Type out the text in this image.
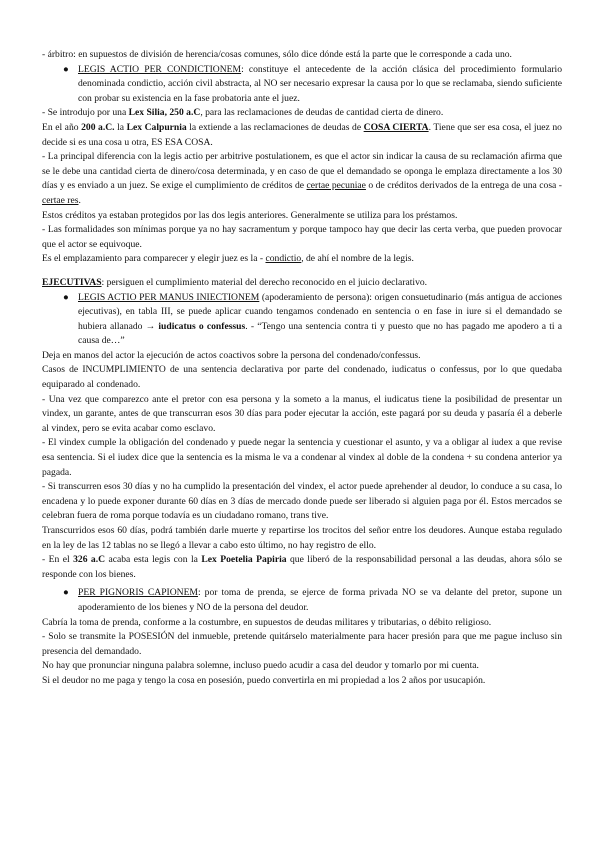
- árbitro: en supuestos de división de herencia/cosas comunes, sólo dice dónde está la parte que le corresponde a cada uno.

● LEGIS ACTIO PER CONDICTIONEM: constituye el antecedente de la acción clásica del procedimiento formulario denominada condictio, acción civil abstracta, al NO ser necesario expresar la causa por lo que se reclamaba, siendo suficiente con probar su existencia en la fase probatoria ante el juez.

- Se introdujo por una Lex Silia, 250 a.C, para las reclamaciones de deudas de cantidad cierta de dinero.

En el año 200 a.C. la Lex Calpurnia la extiende a las reclamaciones de deudas de COSA CIERTA. Tiene que ser esa cosa, el juez no decide si es una cosa u otra, ES ESA COSA.

- La principal diferencia con la legis actio per arbitrive postulationem, es que el actor sin indicar la causa de su reclamación afirma que se le debe una cantidad cierta de dinero/cosa determinada, y en caso de que el demandado se oponga le emplaza directamente a los 30 días y es enviado a un juez. Se exige el cumplimiento de créditos de certae pecuniae o de créditos derivados de la entrega de una cosa - certae res.

Estos créditos ya estaban protegidos por las dos legis anteriores. Generalmente se utiliza para los préstamos.

- Las formalidades son mínimas porque ya no hay sacramentum y porque tampoco hay que decir las certa verba, que pueden provocar que el actor se equivoque.

Es el emplazamiento para comparecer y elegir juez es la - condictio, de ahí el nombre de la legis.

EJECUTIVAS: persiguen el cumplimiento material del derecho reconocido en el juicio declarativo.

● LEGIS ACTIO PER MANUS INIECTIONEM (apoderamiento de persona): origen consuetudinario (más antigua de acciones ejecutivas), en tabla III, se puede aplicar cuando tengamos condenado en sentencia o en fase in iure si el demandado se hubiera allanado → iudicatus o confessus. - “Tengo una sentencia contra ti y puesto que no has pagado me apodero a ti a causa de…”

Deja en manos del actor la ejecución de actos coactivos sobre la persona del condenado/confessus.

Casos de INCUMPLIMIENTO de una sentencia declarativa por parte del condenado, iudicatus o confessus, por lo que quedaba equiparado al condenado.

- Una vez que comparezco ante el pretor con esa persona y la someto a la manus, el iudicatus tiene la posibilidad de presentar un vindex, un garante, antes de que transcurran esos 30 días para poder ejecutar la acción, este pagará por su deuda y pasaría él a deberle al vindex, pero se evita acabar como esclavo.

- El vindex cumple la obligación del condenado y puede negar la sentencia y cuestionar el asunto, y va a obligar al iudex a que revise esa sentencia. Si el iudex dice que la sentencia es la misma le va a condenar al vindex al doble de la condena + su condena anterior ya pagada.

- Si transcurren esos 30 días y no ha cumplido la presentación del vindex, el actor puede aprehender al deudor, lo conduce a su casa, lo encadena y lo puede exponer durante 60 días en 3 días de mercado donde puede ser liberado si alguien paga por él. Estos mercados se celebran fuera de roma porque todavía es un ciudadano romano, trans tive.

Transcurridos esos 60 días, podrá también darle muerte y repartirse los trocitos del señor entre los deudores. Aunque estaba regulado en la ley de las 12 tablas no se llegó a llevar a cabo esto último, no hay registro de ello.

- En el 326 a.C acaba esta legis con la Lex Poetelia Papiria que liberó de la responsabilidad personal a las deudas, ahora sólo se responde con los bienes.

● PER PIGNORIS CAPIONEM: por toma de prenda, se ejerce de forma privada NO se va delante del pretor, supone un apoderamiento de los bienes y NO de la persona del deudor.

Cabría la toma de prenda, conforme a la costumbre, en supuestos de deudas militares y tributarias, o débito religioso.

- Solo se transmite la POSESIÓN del inmueble, pretende quitárselo materialmente para hacer presión para que me pague incluso sin presencia del demandado.

No hay que pronunciar ninguna palabra solemne, incluso puedo acudir a casa del deudor y tomarlo por mi cuenta.

Si el deudor no me paga y tengo la cosa en posesión, puedo convertirla en mi propiedad a los 2 años por usucapión.
